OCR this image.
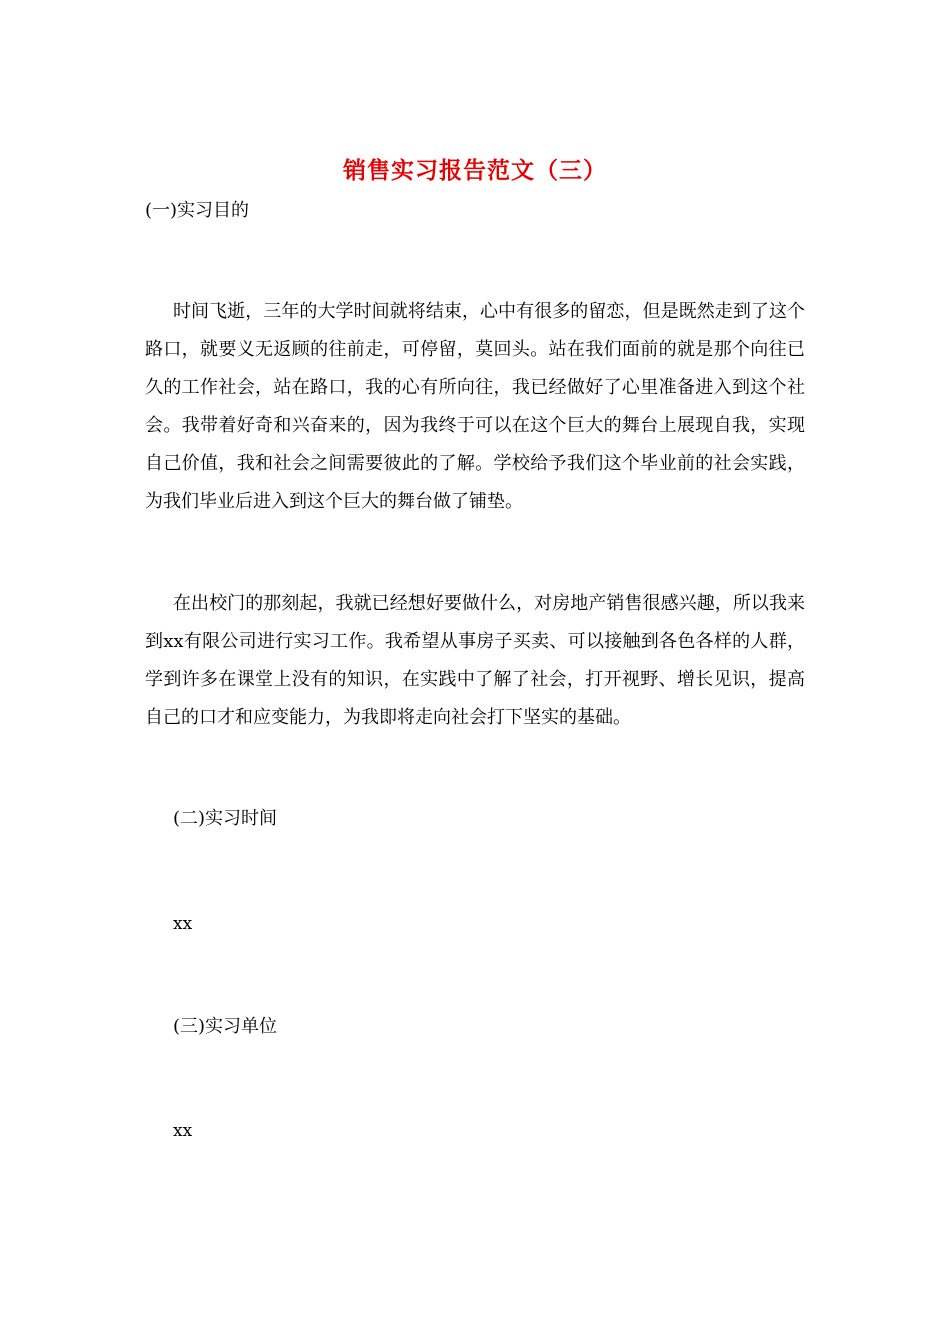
销售实习报告范文（三）
(一)实习目的
时间飞逝，三年的大学时间就将结束，心中有很多的留恋，但是既然走到了这个路口，就要义无返顾的往前走，可停留，莫回头。站在我们面前的就是那个向往已久的工作社会，站在路口，我的心有所向往，我已经做好了心里准备进入到这个社会。我带着好奇和兴奋来的，因为我终于可以在这个巨大的舞台上展现自我，实现自己价值，我和社会之间需要彼此的了解。学校给予我们这个毕业前的社会实践，为我们毕业后进入到这个巨大的舞台做了铺垫。
在出校门的那刻起，我就已经想好要做什么，对房地产销售很感兴趣，所以我来到xx有限公司进行实习工作。我希望从事房子买卖、可以接触到各色各样的人群，学到许多在课堂上没有的知识，在实践中了解了社会，打开视野、增长见识，提高自己的口才和应变能力，为我即将走向社会打下坚实的基础。
(二)实习时间
xx
(三)实习单位
xx
